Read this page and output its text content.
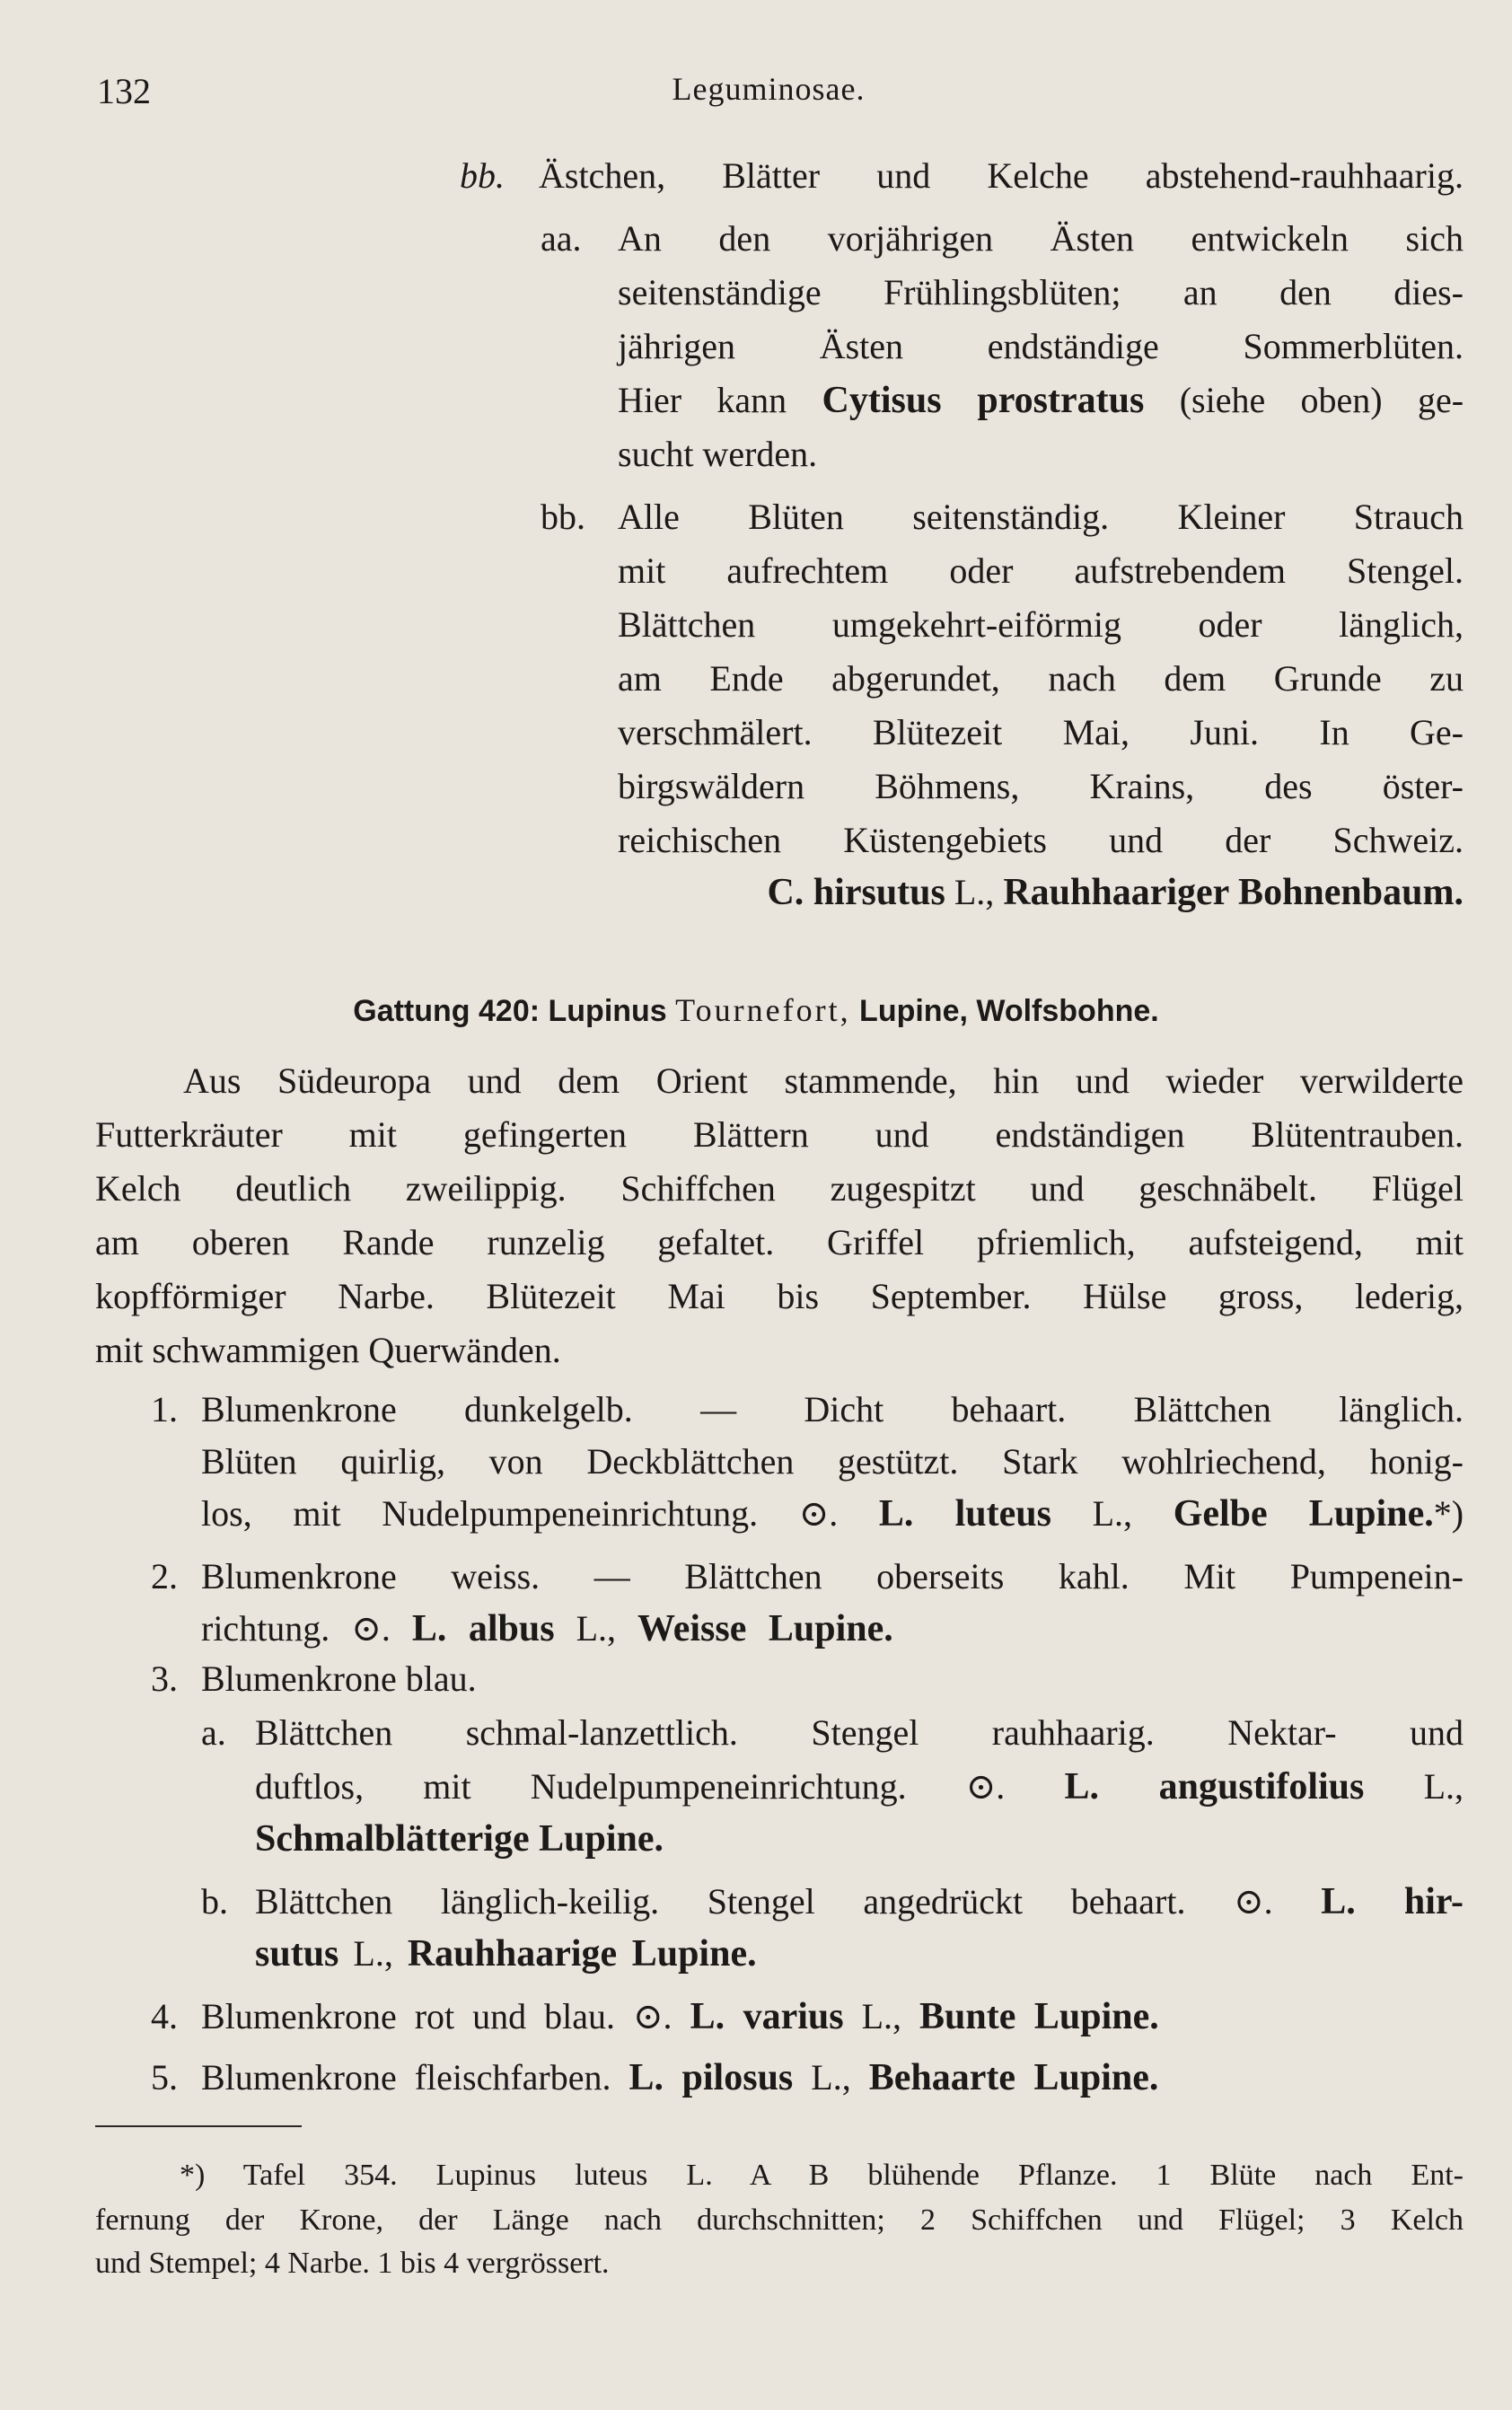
132	Leguminosae.
bb. Ästchen, Blätter und Kelche abstehend-rauhhaarig.
aa. An den vorjährigen Ästen entwickeln sich
seitenständige Frühlingsblüten; an den dies-
jährigen Ästen endständige Sommerblüten.
Hier kann Cytisus prostratus (siehe oben) ge-
sucht werden.
bb. Alle Blüten seitenständig. Kleiner Strauch
mit aufrechtem oder aufstrebendem Stengel.
Blättchen umgekehrt-eiförmig oder länglich,
am Ende abgerundet, nach dem Grunde zu
verschmälert. Blütezeit Mai, Juni. In Ge-
birgswäldern Böhmens, Krains, des öster-
reichischen Küstengebiets und der Schweiz.
C. hirsutus L., Rauhhaariger Bohnenbaum.
Gattung 420: Lupinus Tournefort, Lupine, Wolfsbohne.
Aus Südeuropa und dem Orient stammende, hin und wieder verwilderte
Futterkräuter mit gefingerten Blättern und endständigen Blütentrauben.
Kelch deutlich zweilippig. Schiffchen zugespitzt und geschnäbelt. Flügel
am oberen Rande runzelig gefaltet. Griffel pfriemlich, aufsteigend, mit
kopfförmiger Narbe. Blütezeit Mai bis September. Hülse gross, lederig,
mit schwammigen Querwänden.
1. Blumenkrone dunkelgelb. — Dicht behaart. Blättchen länglich.
Blüten quirlig, von Deckblättchen gestützt. Stark wohlriechend, honig-
los, mit Nudelpumpeneinrichtung. ⊙. L. luteus L., Gelbe Lupine.*)
2. Blumenkrone weiss. — Blättchen oberseits kahl. Mit Pumpenein-
richtung. ⊙. L. albus L., Weisse Lupine.
3. Blumenkrone blau.
a. Blättchen schmal-lanzettlich. Stengel rauhhaarig. Nektar- und
duftlos, mit Nudelpumpeneinrichtung. ⊙. L. angustifolius L.,
Schmalblätterige Lupine.
b. Blättchen länglich-keilig. Stengel angedrückt behaart. ⊙. L. hir-
sutus L., Rauhhaarige Lupine.
4. Blumenkrone rot und blau. ⊙. L. varius L., Bunte Lupine.
5. Blumenkrone fleischfarben. L. pilosus L., Behaarte Lupine.
*) Tafel 354. Lupinus luteus L. A B blühende Pflanze. 1 Blüte nach Ent-
fernung der Krone, der Länge nach durchschnitten; 2 Schiffchen und Flügel; 3 Kelch
und Stempel; 4 Narbe. 1 bis 4 vergrössert.
